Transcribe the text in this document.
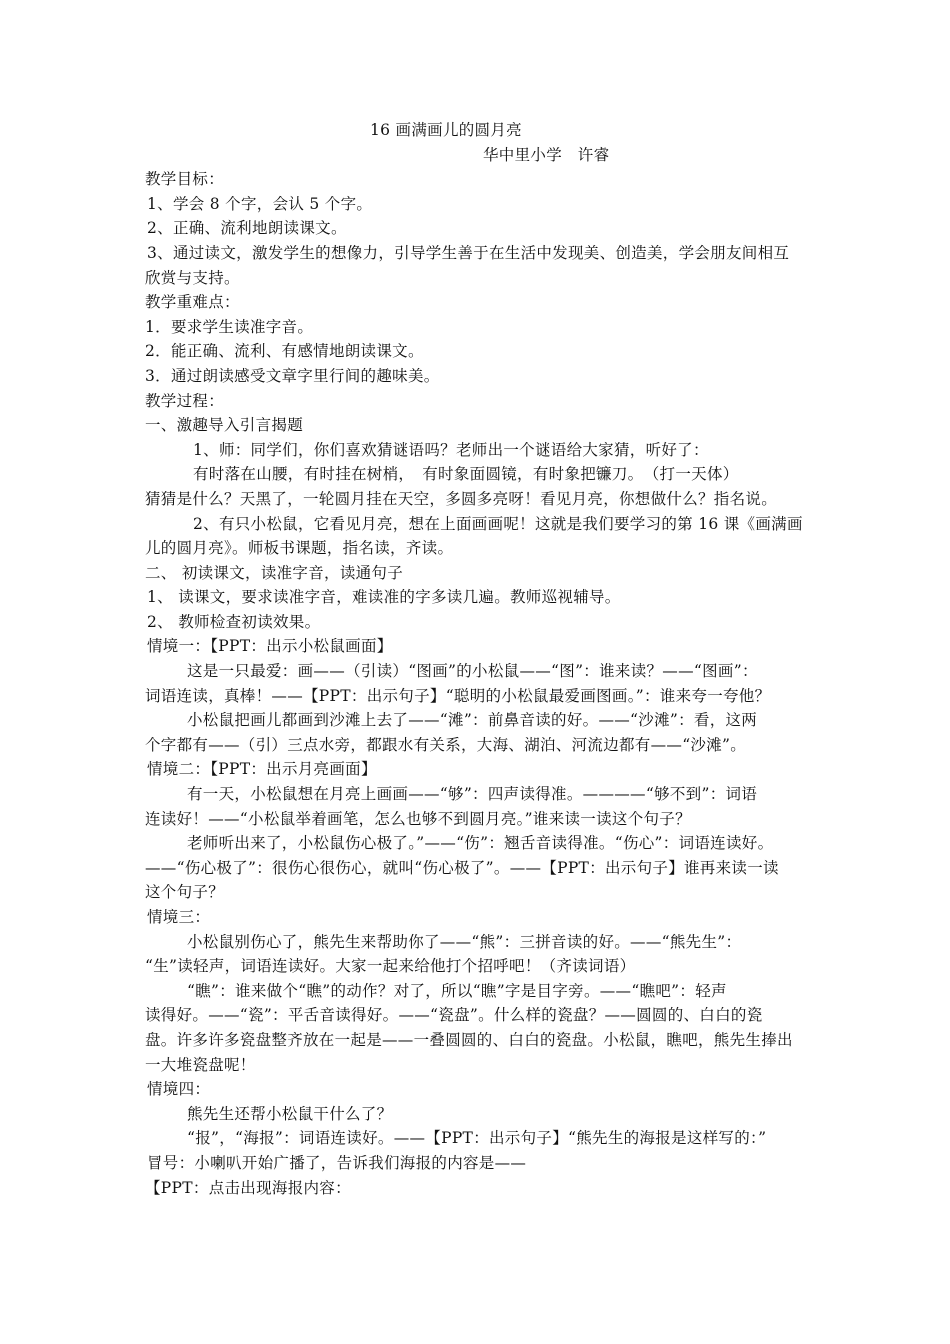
16 画满画儿的圆月亮
华中里小学　许睿
教学目标：
1、学会 8 个字，会认 5 个字。
2、正确、流利地朗读课文。
3、通过读文，激发学生的想像力，引导学生善于在生活中发现美、创造美，学会朋友间相互
欣赏与支持。
教学重难点：
1．要求学生读准字音。
2．能正确、流利、有感情地朗读课文。
3．通过朗读感受文章字里行间的趣味美。
教学过程：
一、激趣导入引言揭题
1、师：同学们，你们喜欢猜谜语吗？老师出一个谜语给大家猜，听好了：
有时落在山腰，有时挂在树梢，　有时象面圆镜，有时象把镰刀。　（打一天体）
猜猜是什么？天黑了，一轮圆月挂在天空，多圆多亮呀！看见月亮，你想做什么？指名说。
2、有只小松鼠，它看见月亮，想在上面画画呢！这就是我们要学习的第 16 课《画满画
儿的圆月亮》。师板书课题，指名读，齐读。
二、 初读课文，读准字音，读通句子
1、 读课文，要求读准字音，难读准的字多读几遍。教师巡视辅导。
2、 教师检查初读效果。
情境一：【PPT：出示小松鼠画面】
这是一只最爱：画——（引读）“图画”的小松鼠——“图”：谁来读？——“图画”：
词语连读，真棒！——【PPT：出示句子】“聪明的小松鼠最爱画图画。”：谁来夸一夸他？
小松鼠把画儿都画到沙滩上去了——“滩”：前鼻音读的好。——“沙滩”：看，这两
个字都有——（引）三点水旁，都跟水有关系，大海、湖泊、河流边都有——“沙滩”。
情境二：【PPT：出示月亮画面】
有一天，小松鼠想在月亮上画画——“够”：四声读得准。————“够不到”：词语
连读好！——“小松鼠举着画笔，怎么也够不到圆月亮。”谁来读一读这个句子？
老师听出来了，小松鼠伤心极了。”——“伤”：翘舌音读得准。“伤心”：词语连读好。
——“伤心极了”：很伤心很伤心，就叫“伤心极了”。——【PPT：出示句子】谁再来读一读
这个句子？
情境三：
小松鼠别伤心了，熊先生来帮助你了——“熊”：三拼音读的好。——“熊先生”：
“生”读轻声，词语连读好。大家一起来给他打个招呼吧！（齐读词语）
“瞧”：谁来做个“瞧”的动作？对了，所以“瞧”字是目字旁。——“瞧吧”：轻声
读得好。——“瓷”：平舌音读得好。——“瓷盘”。什么样的瓷盘？——圆圆的、白白的瓷
盘。许多许多瓷盘整齐放在一起是——一叠圆圆的、白白的瓷盘。小松鼠，瞧吧，熊先生捧出
一大堆瓷盘呢！
情境四：
熊先生还帮小松鼠干什么了？
“报”，“海报”：词语连读好。——【PPT：出示句子】“熊先生的海报是这样写的：”
冒号：小喇叭开始广播了，告诉我们海报的内容是——
【PPT：点击出现海报内容：
